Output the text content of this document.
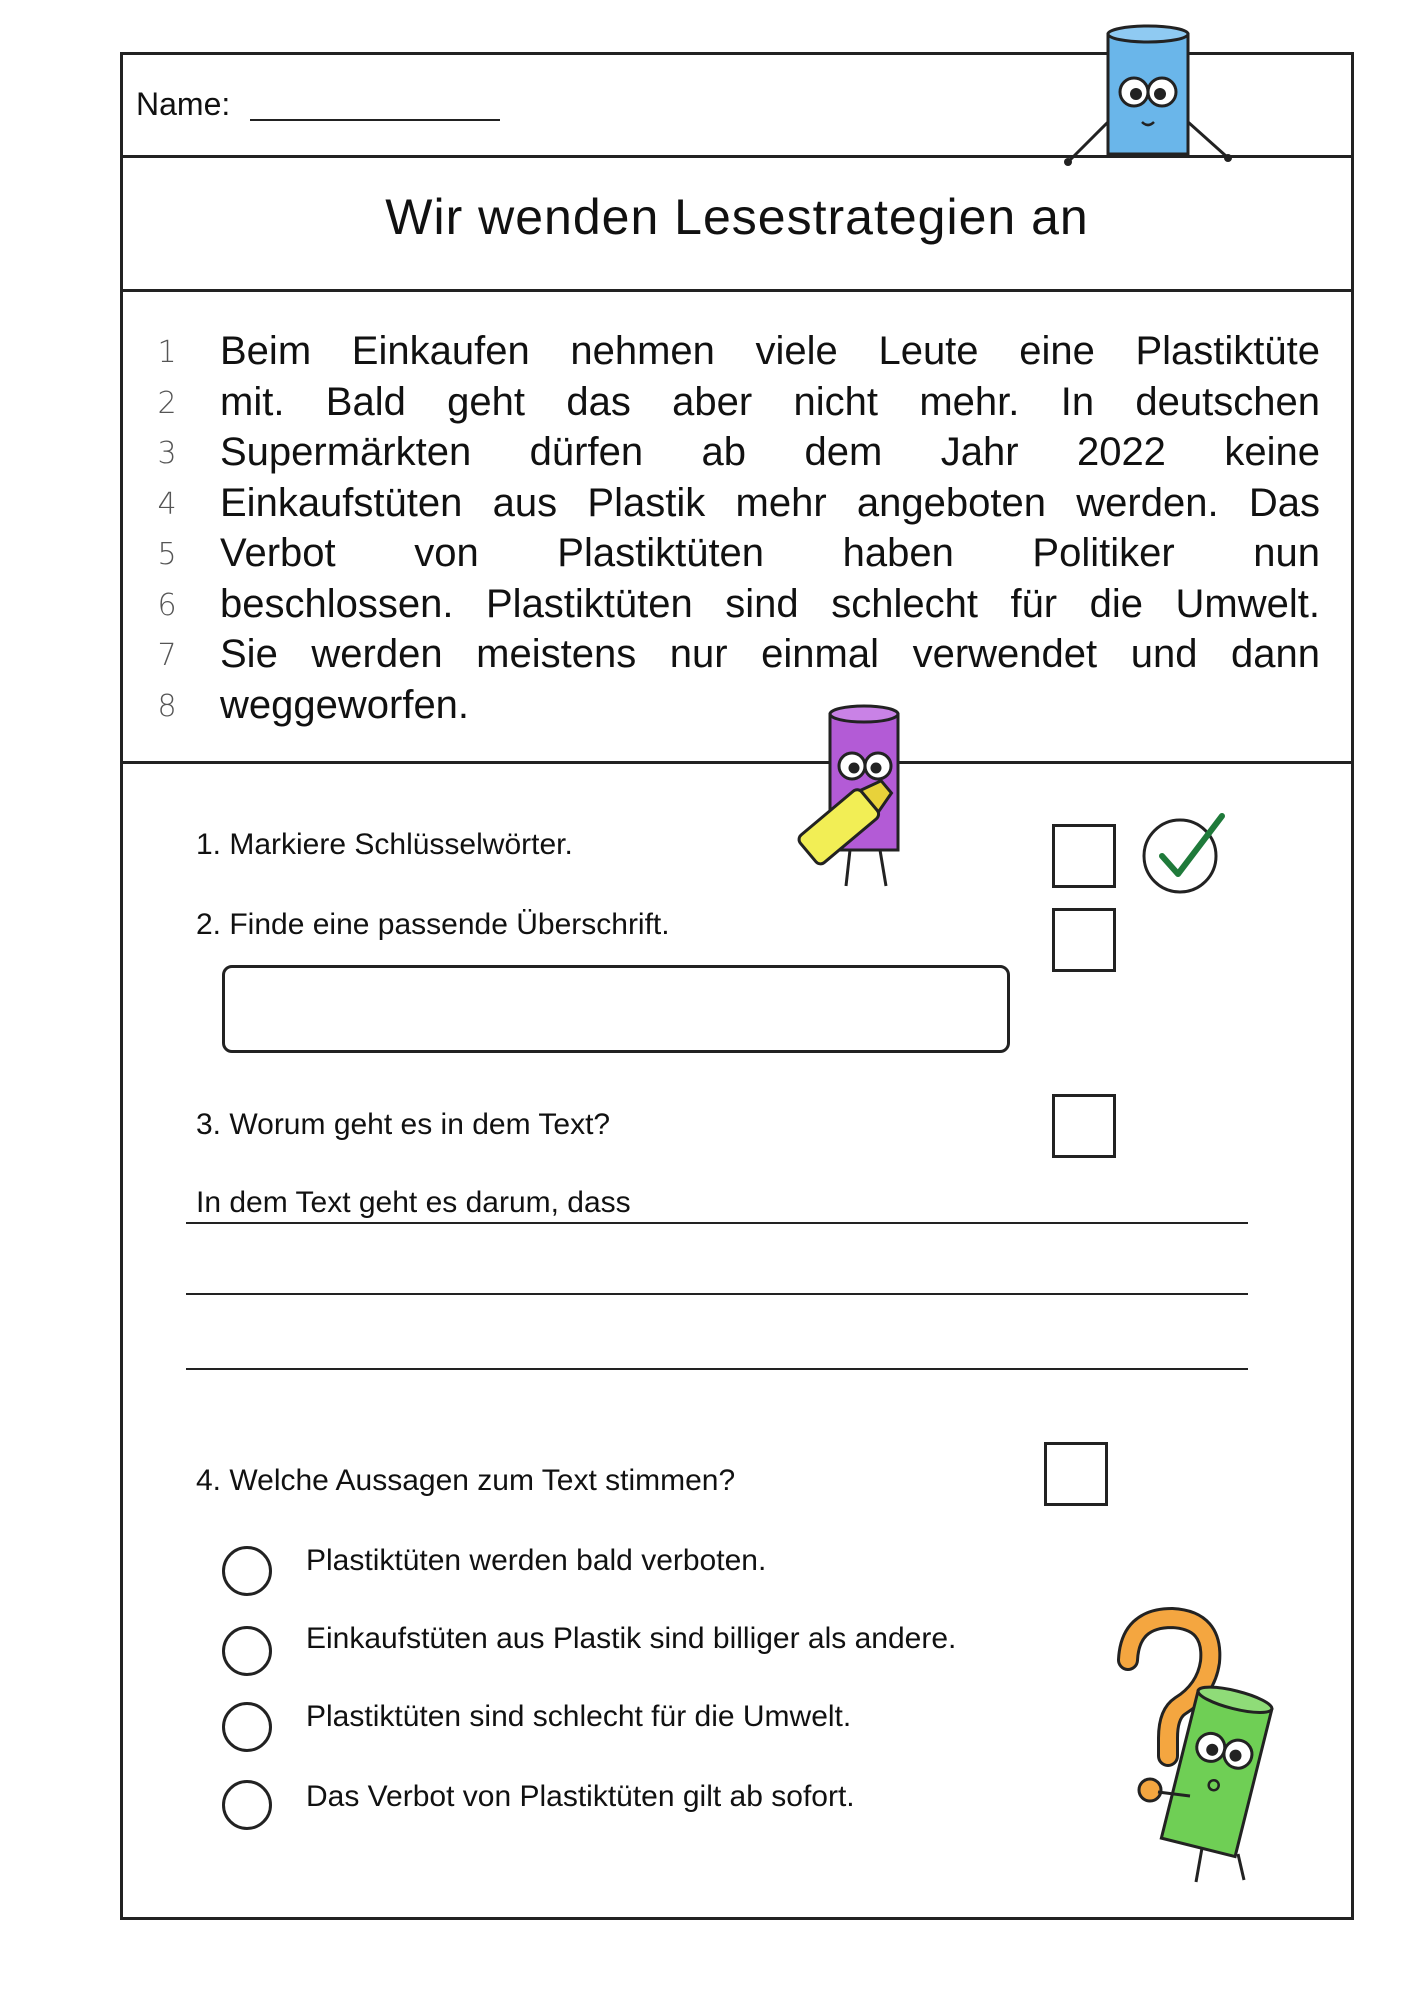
Name:
Wir wenden Lesestrategien an
1
2
3
4
5
6
7
8
Beim Einkaufen nehmen viele Leute eine Plastiktüte
mit. Bald geht das aber nicht mehr. In deutschen
Supermärkten dürfen ab dem Jahr 2022 keine
Einkaufstüten aus Plastik mehr angeboten werden. Das
Verbot von Plastiktüten haben Politiker nun
beschlossen. Plastiktüten sind schlecht für die Umwelt.
Sie werden meistens nur einmal verwendet und dann
weggeworfen.
1. Markiere Schlüsselwörter.
2. Finde eine passende Überschrift.
3. Worum geht es in dem Text?
In dem Text geht es darum, dass
4. Welche Aussagen zum Text stimmen?
Plastiktüten werden bald verboten.
Einkaufstüten aus Plastik sind billiger als andere.
Plastiktüten sind schlecht für die Umwelt.
Das Verbot von Plastiktüten gilt ab sofort.
